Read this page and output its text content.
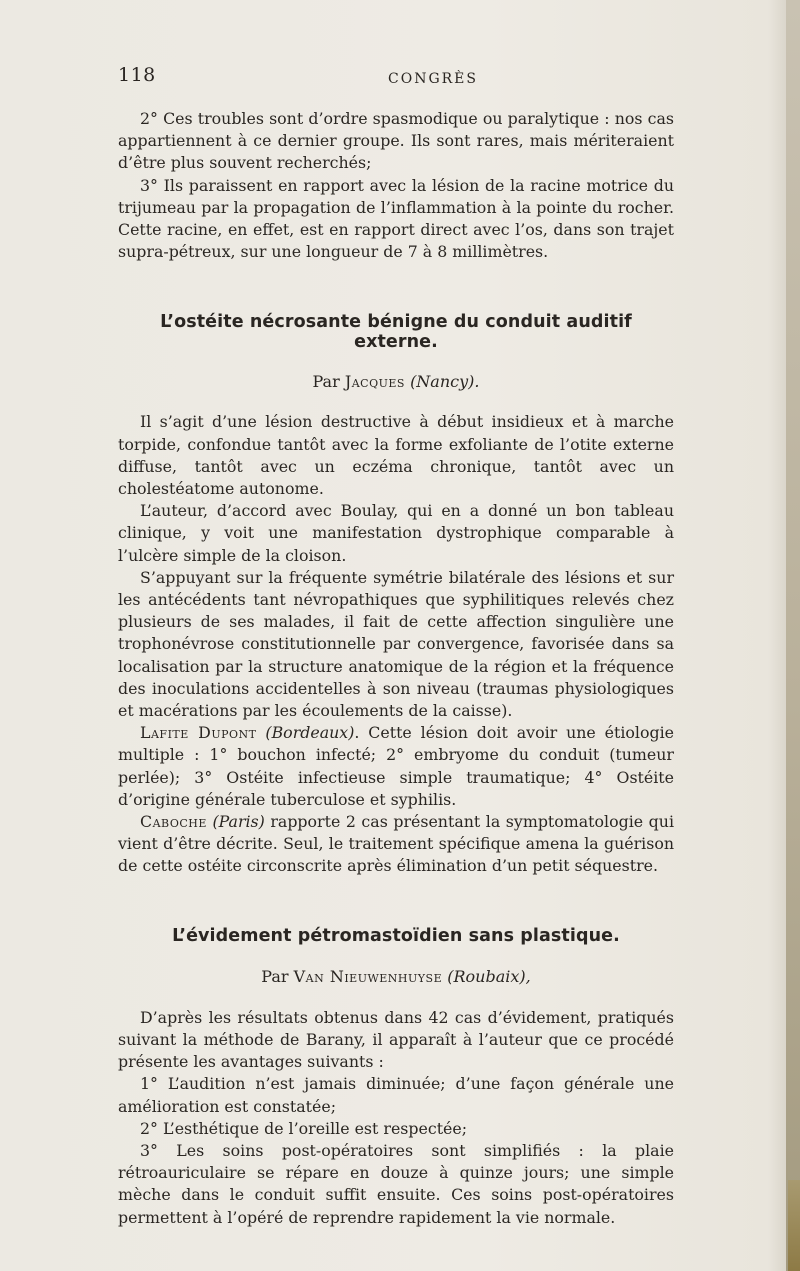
118	CONGRÈS

2° Ces troubles sont d’ordre spasmodique ou paralytique : nos cas appartiennent à ce dernier groupe. Ils sont rares, mais mériteraient d’être plus souvent recherchés;

3° Ils paraissent en rapport avec la lésion de la racine motrice du trijumeau par la propagation de l’inflammation à la pointe du rocher. Cette racine, en effet, est en rapport direct avec l’os, dans son trajet supra-pétreux, sur une longueur de 7 à 8 millimètres.

L’ostéite nécrosante bénigne du conduit auditif externe.
Par Jacques (Nancy).

Il s’agit d’une lésion destructive à début insidieux et à marche torpide, confondue tantôt avec la forme exfoliante de l’otite externe diffuse, tantôt avec un eczéma chronique, tantôt avec un cholestéatome autonome.

L’auteur, d’accord avec Boulay, qui en a donné un bon tableau clinique, y voit une manifestation dystrophique comparable à l’ulcère simple de la cloison.

S’appuyant sur la fréquente symétrie bilatérale des lésions et sur les antécédents tant névropathiques que syphilitiques relevés chez plusieurs de ses malades, il fait de cette affection singulière une trophonévrose constitutionnelle par convergence, favorisée dans sa localisation par la structure anatomique de la région et la fréquence des inoculations accidentelles à son niveau (traumas physiologiques et macérations par les écoulements de la caisse).

Lafite Dupont (Bordeaux). Cette lésion doit avoir une étiologie multiple : 1° bouchon infecté; 2° embryome du conduit (tumeur perlée); 3° Ostéite infectieuse simple traumatique; 4° Ostéite d’origine générale tuberculose et syphilis.

Caboche (Paris) rapporte 2 cas présentant la symptomatologie qui vient d’être décrite. Seul, le traitement spécifique amena la guérison de cette ostéite circonscrite après élimination d’un petit séquestre.

L’évidement pétromastoïdien sans plastique.
Par Van Nieuwenhuyse (Roubaix),

D’après les résultats obtenus dans 42 cas d’évidement, pratiqués suivant la méthode de Barany, il apparaît à l’auteur que ce procédé présente les avantages suivants :

1° L’audition n’est jamais diminuée; d’une façon générale une amélioration est constatée;

2° L’esthétique de l’oreille est respectée;

3° Les soins post-opératoires sont simplifiés : la plaie rétroauriculaire se répare en douze à quinze jours; une simple mèche dans le conduit suffit ensuite. Ces soins post-opératoires permettent à l’opéré de reprendre rapidement la vie normale.
